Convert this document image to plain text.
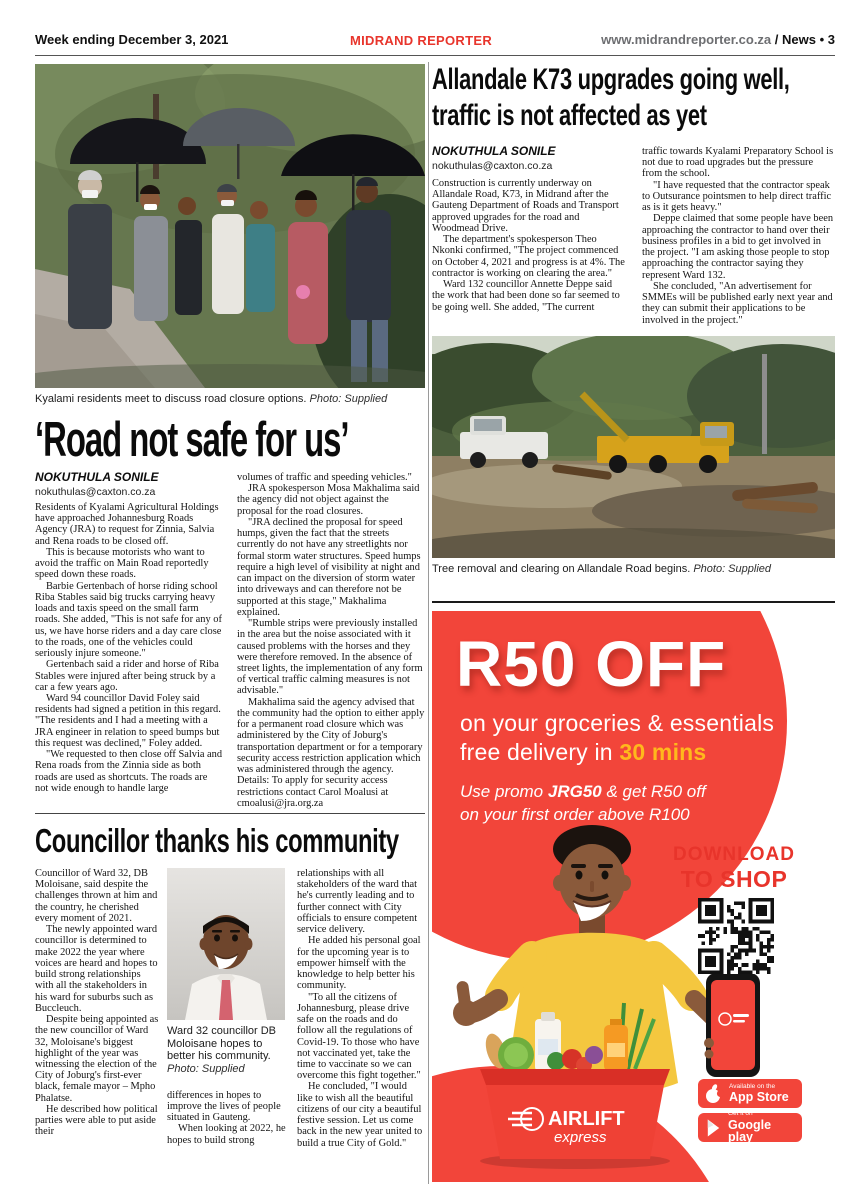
Week ending December 3, 2021	MIDRAND REPORTER	www.midrandreporter.co.za / News • 3
Kyalami residents meet to discuss road closure options. Photo: Supplied
‘Road not safe for us’
NOKUTHULA SONILE
nokuthulas@caxton.co.za

Residents of Kyalami Agricultural Holdings have approached Johannesburg Roads Agency (JRA) to request for Zinnia, Salvia and Rena roads to be closed off.

This is because motorists who want to avoid the traffic on Main Road reportedly speed down these roads.

Barbie Gertenbach of horse riding school Riba Stables said big trucks carrying heavy loads and taxis speed on the small farm roads. She added, "This is not safe for any of us, we have horse riders and a day care close to the roads, one of the vehicles could seriously injure someone."

Gertenbach said a rider and horse of Riba Stables were injured after being struck by a car a few years ago.

Ward 94 councillor David Foley said residents had signed a petition in this regard. "The residents and I had a meeting with a JRA engineer in relation to speed bumps but this request was declined," Foley added.

"We requested to then close off Salvia and Rena roads from the Zinnia side as both roads are used as shortcuts. The roads are not wide enough to handle large

volumes of traffic and speeding vehicles."

JRA spokesperson Mosa Makhalima said the agency did not object against the proposal for the road closures.

"JRA declined the proposal for speed humps, given the fact that the streets currently do not have any streetlights nor formal storm water structures. Speed humps require a high level of visibility at night and can impact on the diversion of storm water into driveways and can therefore not be supported at this stage," Makhalima explained.

"Rumble strips were previously installed in the area but the noise associated with it caused problems with the horses and they were therefore removed. In the absence of street lights, the implementation of any form of vertical traffic calming measures is not advisable."

Makhalima said the agency advised that the community had the option to either apply for a permanent road closure which was administered by the City of Joburg's transportation department or for a temporary security access restriction application which was administered through the agency.

Details: To apply for security access restrictions contact Carol Moalusi at cmoalusi@jra.org.za

Councillor thanks his community

Councillor of Ward 32, DB Moloisane, said despite the challenges thrown at him and the country, he cherished every moment of 2021.

The newly appointed ward councillor is determined to make 2022 the year where voices are heard and hopes to build strong relationships with all the stakeholders in his ward for suburbs such as Buccleuch.

Despite being appointed as the new councillor of Ward 32, Moloisane's biggest highlight of the year was witnessing the election of the City of Joburg's first-ever black, female mayor – Mpho Phalatse.

He described how political parties were able to put aside their

Ward 32 councillor DB Moloisane hopes to better his community.
Photo: Supplied

differences in hopes to improve the lives of people situated in Gauteng.

When looking at 2022, he hopes to build strong

relationships with all stakeholders of the ward that he's currently leading and to further connect with City officials to ensure competent service delivery.

He added his personal goal for the upcoming year is to empower himself with the knowledge to help better his community.

"To all the citizens of Johannesburg, please drive safe on the roads and do follow all the regulations of Covid-19. To those who have not vaccinated yet, take the time to vaccinate so we can overcome this fight together."

He concluded, "I would like to wish all the beautiful citizens of our city a beautiful festive session. Let us come back in the new year united to build a true City of Gold."

Allandale K73 upgrades going well,
traffic is not affected as yet
NOKUTHULA SONILE
nokuthulas@caxton.co.za

Construction is currently underway on Allandale Road, K73, in Midrand after the Gauteng Department of Roads and Transport approved upgrades for the road and Woodmead Drive.

The department's spokesperson Theo Nkonki confirmed, "The project commenced on October 4, 2021 and progress is at 4%. The contractor is working on clearing the area."

Ward 132 councillor Annette Deppe said the work that had been done so far seemed to be going well. She added, "The current

traffic towards Kyalami Preparatory School is not due to road upgrades but the pressure from the school.

"I have requested that the contractor speak to Outsurance pointsmen to help direct traffic as is it gets heavy."

Deppe claimed that some people have been approaching the contractor to hand over their business profiles in a bid to get involved in the project. "I am asking those people to stop approaching the contractor saying they represent Ward 132.

She concluded, "An advertisement for SMMEs will be published early next year and they can submit their applications to be involved in the project."

Tree removal and clearing on Allandale Road begins. Photo: Supplied
AIRLIFT
express
R50 OFF
on your groceries & essentials
free delivery in 30 mins
Use promo JRG50 & get R50 off
on your first order above R100
DOWNLOAD
TO SHOP
Available on the
App Store
Get it on
Google play
